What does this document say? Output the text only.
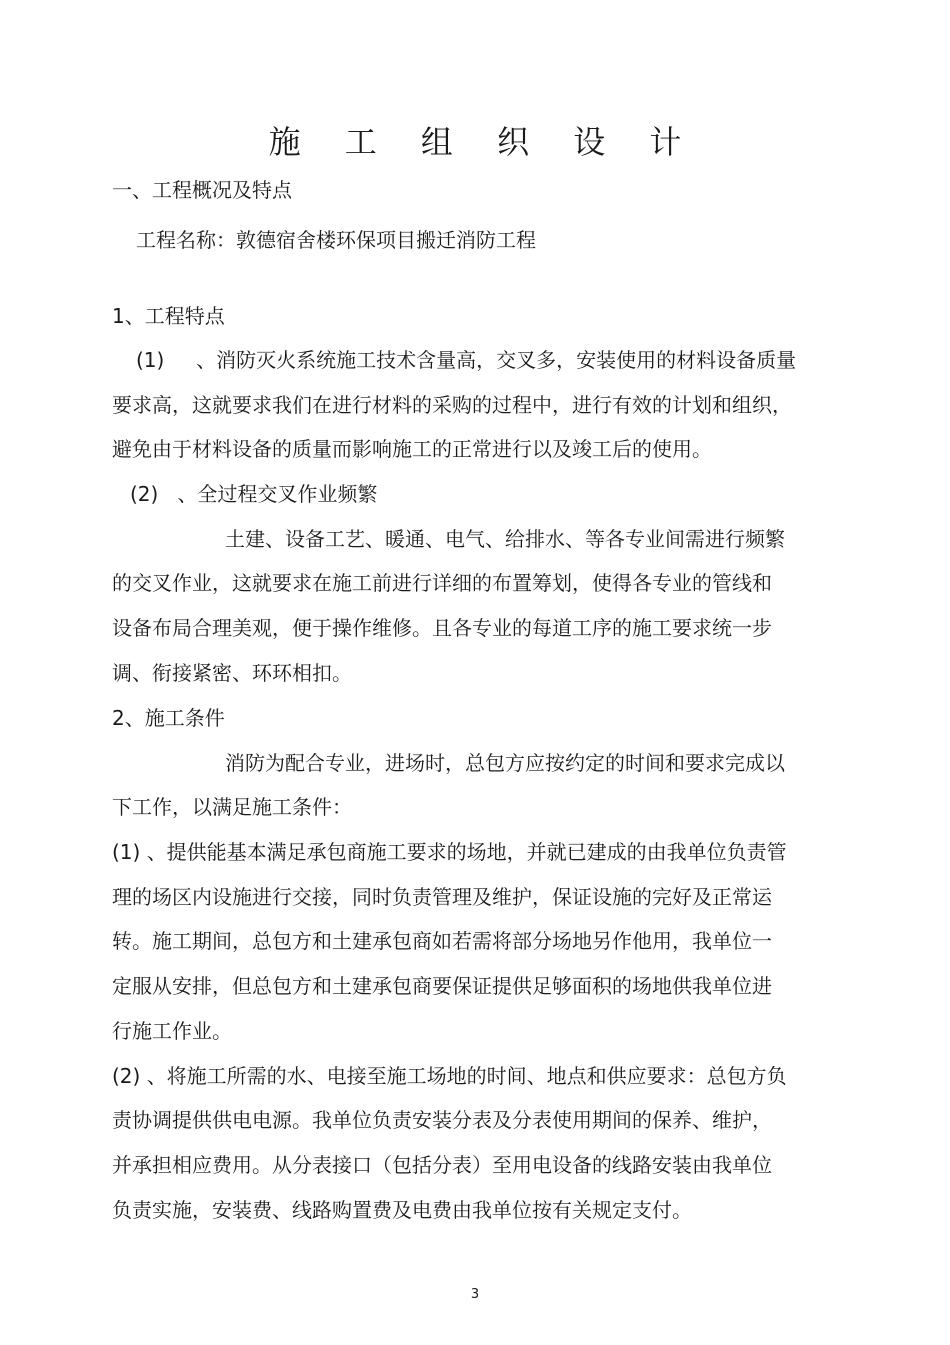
施 工 组 织 设 计
一、工程概况及特点
工程名称：敦德宿舍楼环保项目搬迁消防工程
1、工程特点
(1)     、消防灭火系统施工技术含量高，交叉多，安装使用的材料设备质量
要求高，这就要求我们在进行材料的采购的过程中，进行有效的计划和组织，
避免由于材料设备的质量而影响施工的正常进行以及竣工后的使用。
(2)   、全过程交叉作业频繁
土建、设备工艺、暖通、电气、给排水、等各专业间需进行频繁
的交叉作业，这就要求在施工前进行详细的布置筹划，使得各专业的管线和
设备布局合理美观，便于操作维修。且各专业的每道工序的施工要求统一步
调、衔接紧密、环环相扣。
2、施工条件
消防为配合专业，进场时，总包方应按约定的时间和要求完成以
下工作，以满足施工条件：
(1) 、提供能基本满足承包商施工要求的场地，并就已建成的由我单位负责管
理的场区内设施进行交接，同时负责管理及维护，保证设施的完好及正常运
转。施工期间，总包方和土建承包商如若需将部分场地另作他用，我单位一
定服从安排，但总包方和土建承包商要保证提供足够面积的场地供我单位进
行施工作业。
(2) 、将施工所需的水、电接至施工场地的时间、地点和供应要求：总包方负
责协调提供供电电源。我单位负责安装分表及分表使用期间的保养、维护，
并承担相应费用。从分表接口（包括分表）至用电设备的线路安装由我单位
负责实施，安装费、线路购置费及电费由我单位按有关规定支付。
3
